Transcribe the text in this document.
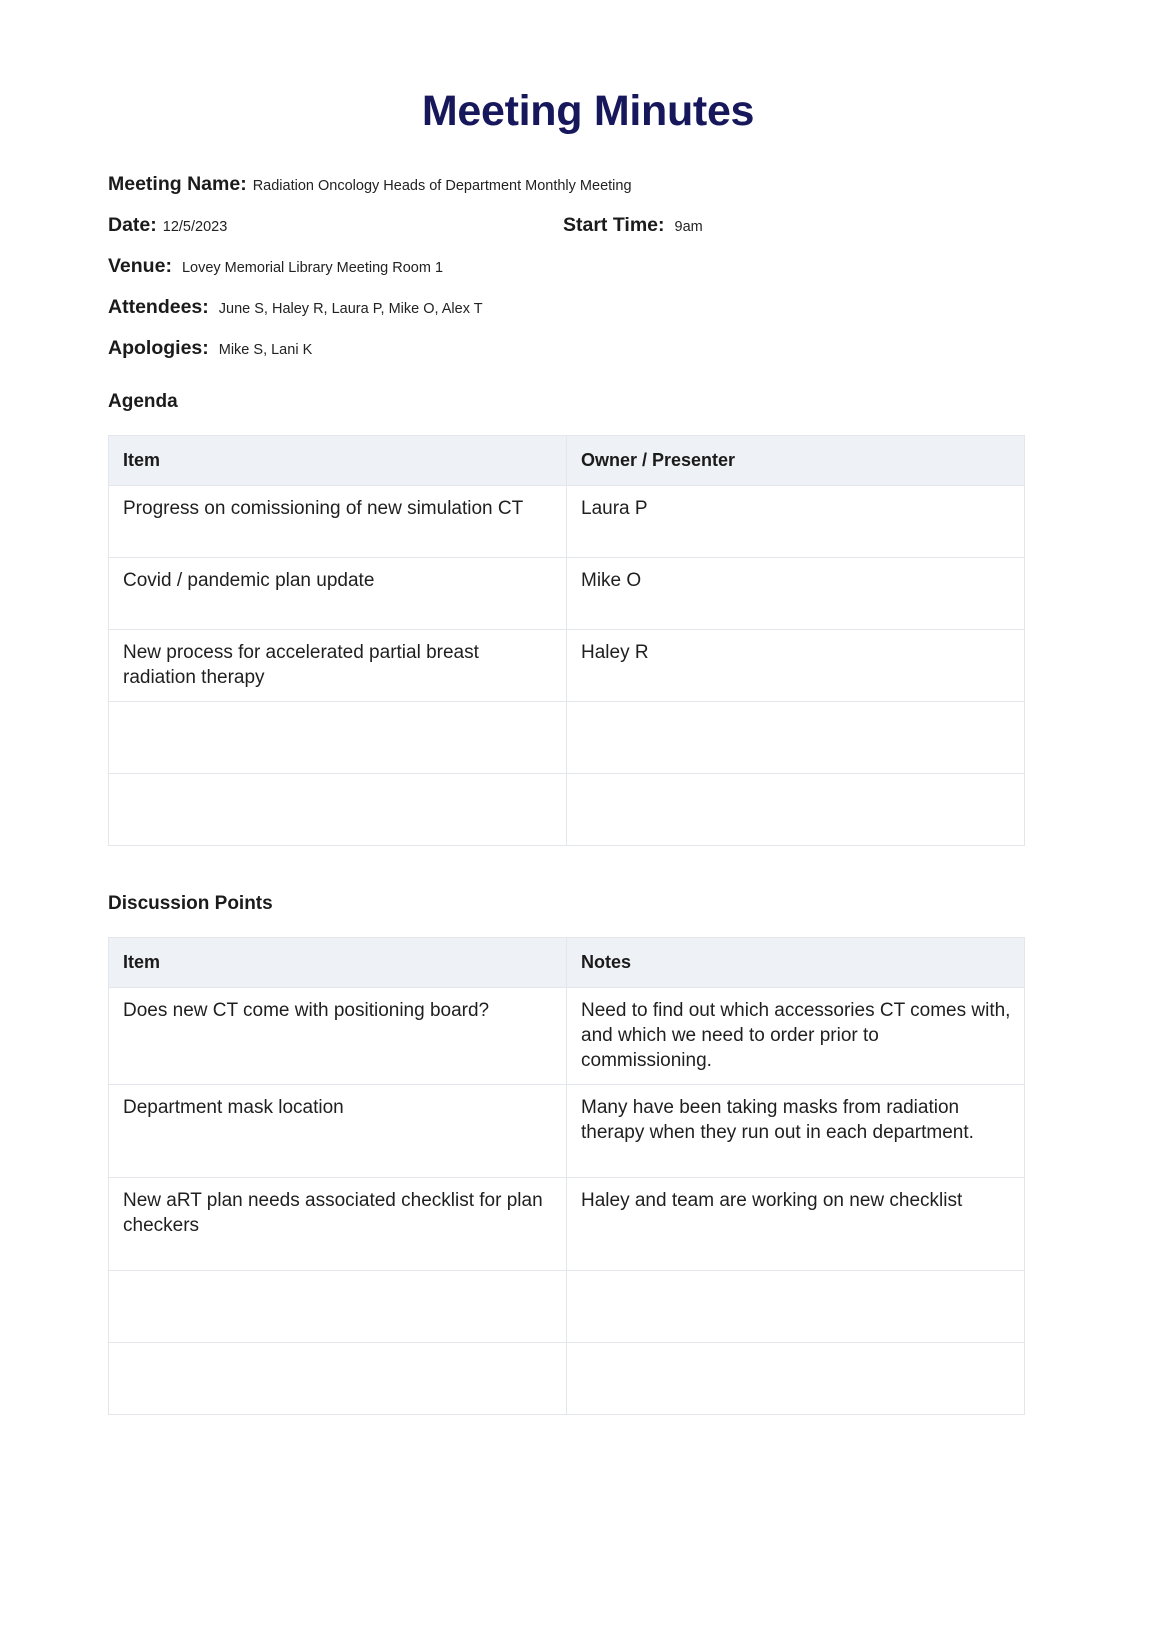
Meeting Minutes
Meeting Name: Radiation Oncology Heads of Department Monthly Meeting
Date: 12/5/2023	Start Time: 9am
Venue: Lovey Memorial Library Meeting Room 1
Attendees: June S, Haley R, Laura P, Mike O, Alex T
Apologies: Mike S, Lani K
Agenda
Item	Owner / Presenter
Progress on comissioning of new simulation CT	Laura P
Covid / pandemic plan update	Mike O
New process for accelerated partial breast radiation therapy	Haley R

Discussion Points
Item	Notes
Does new CT come with positioning board?	Need to find out which accessories CT comes with, and which we need to order prior to commissioning.
Department mask location	Many have been taking masks from radiation therapy when they run out in each department.
New aRT plan needs associated checklist for plan checkers	Haley and team are working on new checklist
